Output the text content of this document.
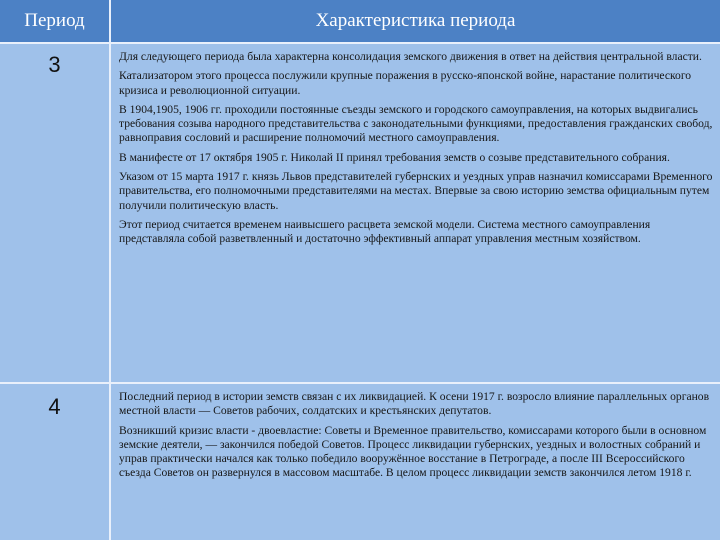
Период	Характеристика периода
3	Для следующего периода была характерна консолидация земского движения в ответ на действия центральной власти.

Катализатором этого процесса послужили крупные поражения в русско-японской войне, нарастание политического кризиса и революционной ситуации.

В 1904,1905, 1906 гг. проходили постоянные съезды земского и городского самоуправления, на которых выдвигались требования созыва народного представительства с законодательными функциями, предоставления гражданских свобод, равноправия сословий и расширение полномочий местного самоуправления.

В манифесте от 17 октября 1905 г. Николай II принял требования земств о созыве представительного собрания.

Указом от 15 марта 1917 г. князь Львов представителей губернских и уездных управ назначил комиссарами Временного правительства, его полномочными представителями на местах. Впервые за свою историю земства официальным путем получили политическую власть.

Этот период считается временем наивысшего расцвета земской модели. Система местного самоуправления представляла собой разветвленный и достаточно эффективный аппарат управления местным хозяйством.

4	Последний период в истории земств связан с их ликвидацией. К осени 1917 г. возросло влияние параллельных органов местной власти — Советов рабочих, солдатских и крестьянских депутатов.

Возникший кризис власти - двоевластие: Советы и Временное правительство, комиссарами которого были в основном земские деятели, — закончился победой Советов. Процесс ликвидации губернских, уездных и волостных собраний и управ практически начался как только победило вооружённое восстание в Петрограде, а после III Всероссийского съезда Советов он развернулся в массовом масштабе. В целом процесс ликвидации земств закончился летом 1918 г.
